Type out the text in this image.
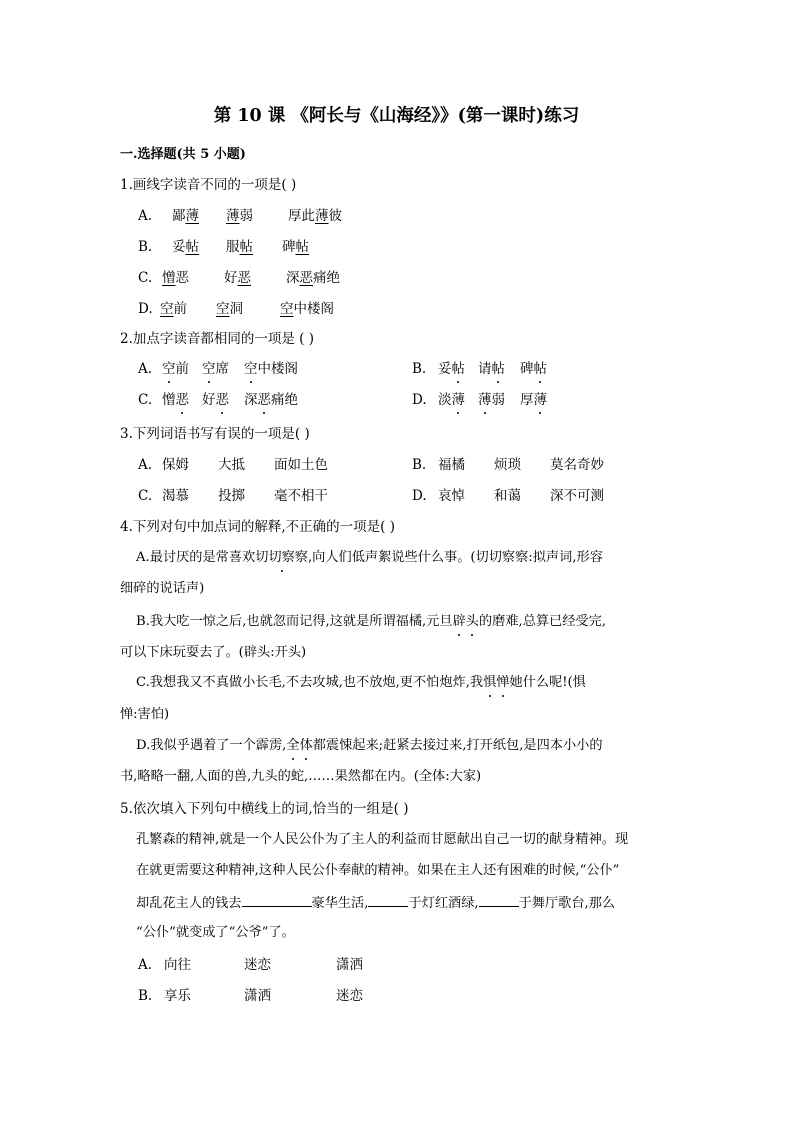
第 10 课 《阿长与《山海经》》(第一课时)练习
一.选择题(共 5 小题)
1.画线字读音不同的一项是( )
A. 鄙薄 薄弱	厚此薄彼
B. 妥帖 服帖 碑帖
C. 憎恶	好恶	深恶痛绝
D. 空前 空洞	空中楼阁
2.加点字读音都相同的一项是 ( )
A. 空前 空席 空中楼阁	B. 妥帖 请帖 碑帖
C. 憎恶 好恶 深恶痛绝	D. 淡薄 薄弱 厚薄
3.下列词语书写有误的一项是( )
A. 保姆 大抵 面如土色	B. 福橘 烦琐 莫名奇妙
C. 渴慕 投掷 毫不相干	D. 哀悼 和蔼 深不可测
4.下列对句中加点词的解释,不正确的一项是( )
A.最讨厌的是常喜欢切切察察,向人们低声絮说些什么事。(切切察察:拟声词,形容
细碎的说话声)
B.我大吃一惊之后,也就忽而记得,这就是所谓福橘,元旦辟头的磨难,总算已经受完,
可以下床玩耍去了。(辟头:开头)
C.我想我又不真做小长毛,不去攻城,也不放炮,更不怕炮炸,我惧惮她什么呢!(惧
惮:害怕)
D.我似乎遇着了一个霹雳,全体都震悚起来;赶紧去接过来,打开纸包,是四本小小的
书,略略一翻,人面的兽,九头的蛇,……果然都在内。(全体:大家)
5.依次填入下列句中横线上的词,恰当的一组是( )
孔繁森的精神,就是一个人民公仆为了主人的利益而甘愿献出自己一切的献身精神。现
在就更需要这种精神,这种人民公仆奉献的精神。如果在主人还有困难的时候,“公仆”
却乱花主人的钱去	豪华生活,	于灯红酒绿,	于舞厅歌台,那么
“公仆”就变成了“公爷”了。
A. 向往	迷恋	潇洒
B. 享乐	潇洒	迷恋
